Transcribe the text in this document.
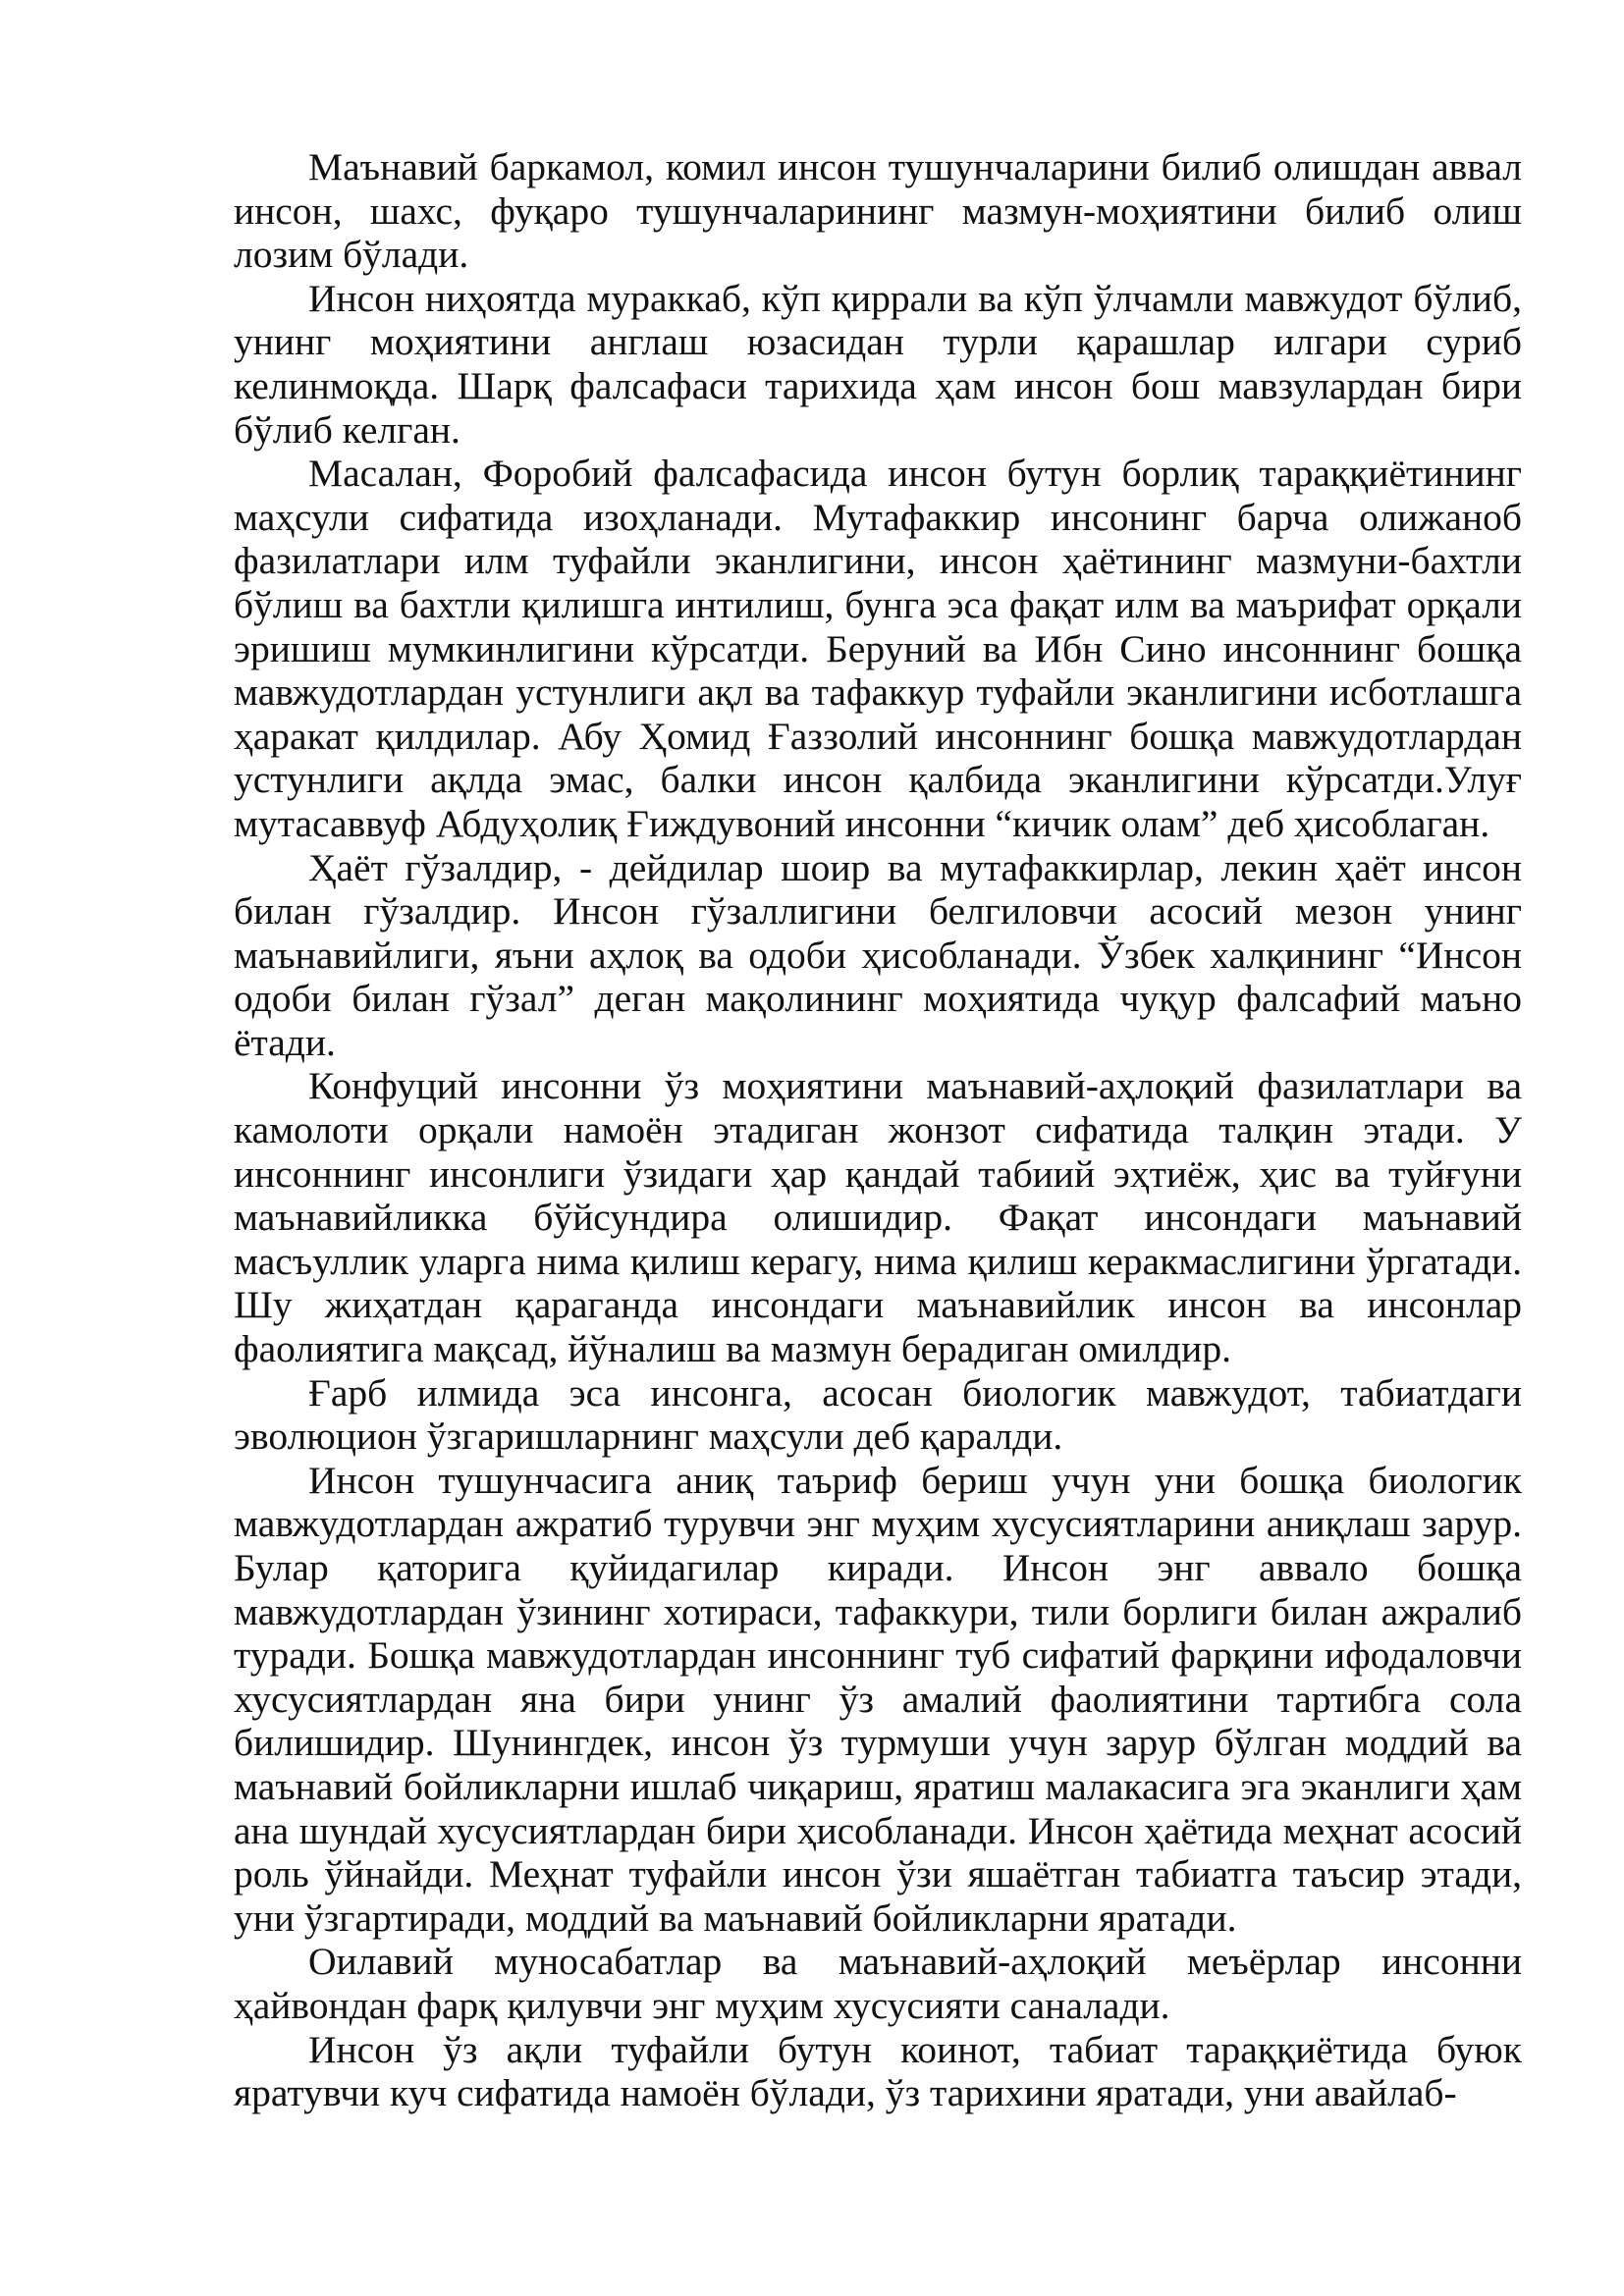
Маънавий баркамол, комил инсон тушунчаларини билиб олишдан аввал инсон, шахс, фуқаро тушунчаларининг мазмун-моҳиятини билиб олиш лозим бўлади.

Инсон ниҳоятда мураккаб, кўп қиррали ва кўп ўлчамли мавжудот бўлиб, унинг моҳиятини англаш юзасидан турли қарашлар илгари суриб келинмоқда. Шарқ фалсафаси тарихида ҳам инсон бош мавзулардан бири бўлиб келган.

Масалан, Форобий фалсафасида инсон бутун борлиқ тараққиётининг маҳсули сифатида изоҳланади. Мутафаккир инсонинг барча олижаноб фазилатлари илм туфайли эканлигини, инсон ҳаётининг мазмуни-бахтли бўлиш ва бахтли қилишга интилиш, бунга эса фақат илм ва маърифат орқали эришиш мумкинлигини кўрсатди. Беруний ва Ибн Сино инсоннинг бошқа мавжудотлардан устунлиги ақл ва тафаккур туфайли эканлигини исботлашга ҳаракат қилдилар. Абу Ҳомид Ғаззолий инсоннинг бошқа мавжудотлардан устунлиги ақлда эмас, балки инсон қалбида эканлигини кўрсатди.Улуғ мутасаввуф Абдуҳолиқ Ғиждувоний инсонни “кичик олам” деб ҳисоблаган.

Ҳаёт гўзалдир, - дейдилар шоир ва мутафаккирлар, лекин ҳаёт инсон билан гўзалдир. Инсон гўзаллигини белгиловчи асосий мезон унинг маънавийлиги, яъни аҳлоқ ва одоби ҳисобланади. Ўзбек халқининг “Инсон одоби билан гўзал” деган мақолининг моҳиятида чуқур фалсафий маъно ётади.

Конфуций инсонни ўз моҳиятини маънавий-аҳлоқий фазилатлари ва камолоти орқали намоён этадиган жонзот сифатида талқин этади. У инсоннинг инсонлиги ўзидаги ҳар қандай табиий эҳтиёж, ҳис ва туйғуни маънавийликка бўйсундира олишидир. Фақат инсондаги маънавий масъуллик уларга нима қилиш керагу, нима қилиш керакмаслигини ўргатади. Шу жиҳатдан қараганда инсондаги маънавийлик инсон ва инсонлар фаолиятига мақсад, йўналиш ва мазмун берадиган омилдир.

Ғарб илмида эса инсонга, асосан биологик мавжудот, табиатдаги эволюцион ўзгаришларнинг маҳсули деб қаралди.

Инсон тушунчасига аниқ таъриф бериш учун уни бошқа биологик мавжудотлардан ажратиб турувчи энг муҳим хусусиятларини аниқлаш зарур. Булар қаторига қуйидагилар киради. Инсон энг аввало бошқа мавжудотлардан ўзининг хотираси, тафаккури, тили борлиги билан ажралиб туради. Бошқа мавжудотлардан инсоннинг туб сифатий фарқини ифодаловчи хусусиятлардан яна бири унинг ўз амалий фаолиятини тартибга сола билишидир. Шунингдек, инсон ўз турмуши учун зарур бўлган моддий ва маънавий бойликларни ишлаб чиқариш, яратиш малакасига эга эканлиги ҳам ана шундай хусусиятлардан бири ҳисобланади. Инсон ҳаётида меҳнат асосий роль ўйнайди. Меҳнат туфайли инсон ўзи яшаётган табиатга таъсир этади, уни ўзгартиради, моддий ва маънавий бойликларни яратади.

Оилавий муносабатлар ва маънавий-аҳлоқий меъёрлар инсонни ҳайвондан фарқ қилувчи энг муҳим хусусияти саналади.

Инсон ўз ақли туфайли бутун коинот, табиат тараққиётида буюк яратувчи куч сифатида намоён бўлади, ўз тарихини яратади, уни авайлаб-
